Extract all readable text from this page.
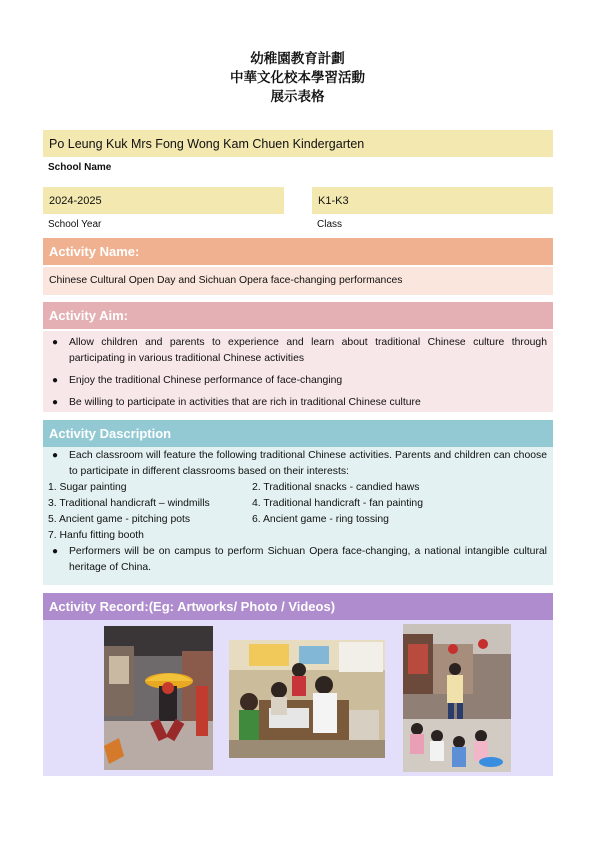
幼稚園教育計劃
中華文化校本學習活動
展示表格
Po Leung Kuk Mrs Fong Wong Kam Chuen Kindergarten
School Name
2024-2025
School Year
K1-K3
Class
Activity Name:
Chinese Cultural Open Day and Sichuan Opera face-changing performances
Activity Aim:
●	Allow children and parents to experience and learn about traditional Chinese culture through participating in various traditional Chinese activities
●	Enjoy the traditional Chinese performance of face-changing
●	Be willing to participate in activities that are rich in traditional Chinese culture
Activity Dascription
●	Each classroom will feature the following traditional Chinese activities. Parents and children can choose to participate in different classrooms based on their interests:
1. Sugar painting	2. Traditional snacks - candied haws
3. Traditional handicraft – windmills	4. Traditional handicraft - fan painting
5. Ancient game - pitching pots	6. Ancient game - ring tossing
7. Hanfu fitting booth
●	Performers will be on campus to perform Sichuan Opera face-changing, a national intangible cultural heritage of China.
Activity Record:(Eg: Artworks/ Photo / Videos)
